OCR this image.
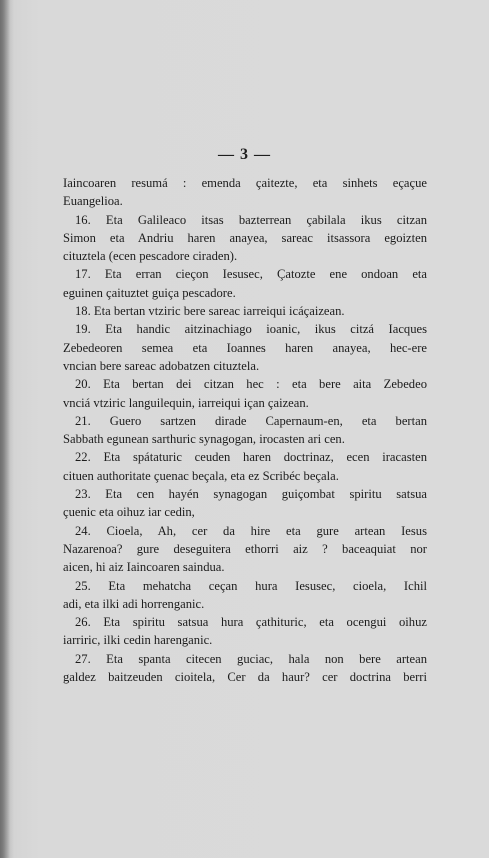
— 3 —
Iaincoaren resumá : emenda çaitezte, eta sinhets eçaçue
Euangelioa.
16. Eta Galileaco itsas bazterrean çabilala ikus citzan
Simon eta Andriu haren anayea, sareac itsassora egoizten
cituztela (ecen pescadore ciraden).
17. Eta erran cieçon Iesusec, Çatozte ene ondoan eta
eguinen çaituztet guiça pescadore.
18. Eta bertan vtziric bere sareac iarreiqui icáçaizean.
19. Eta handic aitzinachiago ioanic, ikus citzá Iacques
Zebedeoren semea eta Ioannes haren anayea, hec-ere
vncian bere sareac adobatzen cituztela.
20. Eta bertan dei citzan hec : eta bere aita Zebedeo
vnciá vtziric languilequin, iarreiqui içan çaizean.
21. Guero sartzen dirade Capernaum-en, eta bertan
Sabbath egunean sarthuric synagogan, irocasten ari cen.
22. Eta spátaturic ceuden haren doctrinaz, ecen iracasten
cituen authoritate çuenac beçala, eta ez Scribéc beçala.
23. Eta cen hayén synagogan guiçombat spiritu satsua
çuenic eta oihuz iar cedin,
24. Cioela, Ah, cer da hire eta gure artean Iesus
Nazarenoa? gure deseguitera ethorri aiz ? baceaquiat nor
aicen, hi aiz Iaincoaren saindua.
25. Eta mehatcha ceçan hura Iesusec, cioela, Ichil
adi, eta ilki adi horrenganic.
26. Eta spiritu satsua hura çathituric, eta ocengui oihuz
iarriric, ilki cedin harenganic.
27. Eta spanta citecen guciac, hala non bere artean
galdez baitzeuden cioitela, Cer da haur? cer doctrina berri
